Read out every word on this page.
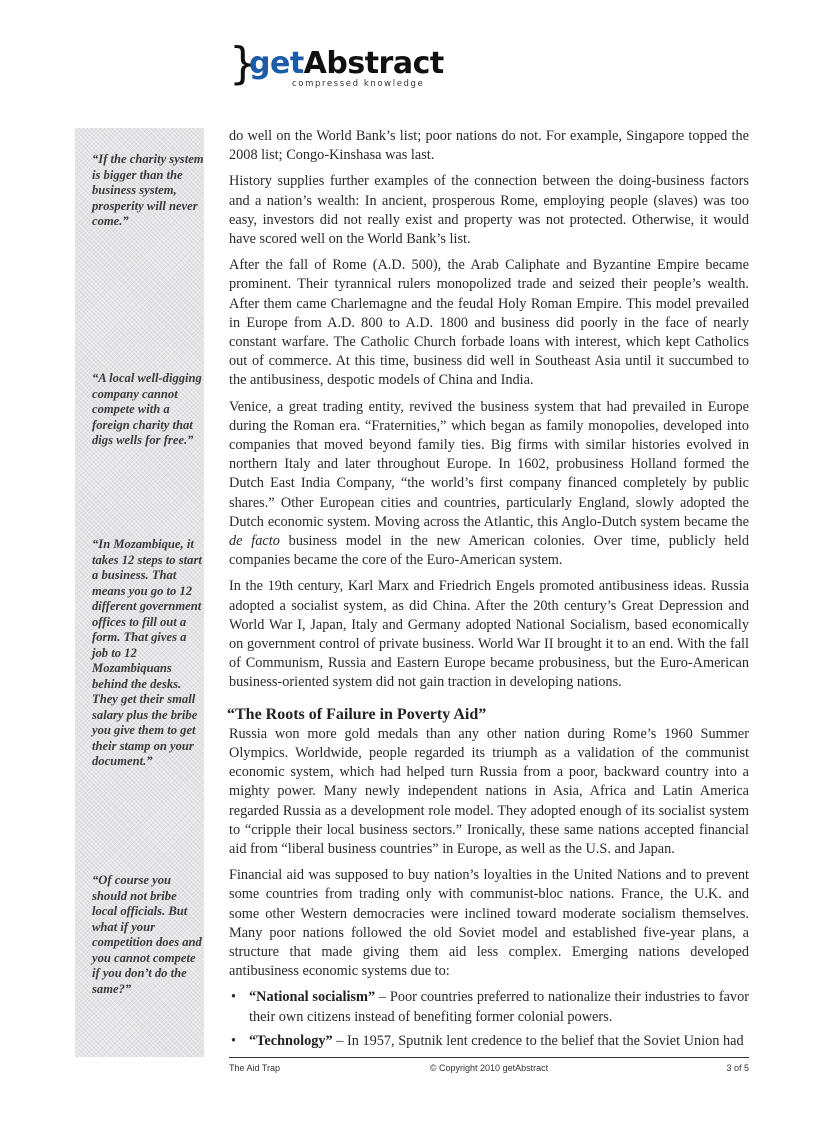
}
getAbstract
compressed knowledge
“If the charity system is bigger than the business system, prosperity will never come.”
“A local well-digging company cannot compete with a foreign charity that digs wells for free.”
“In Mozambique, it takes 12 steps to start a business. That means you go to 12 different government offices to fill out a form. That gives a job to 12 Mozambiquans behind the desks. They get their small salary plus the bribe you give them to get their stamp on your document.”
“Of course you should not bribe local officials. But what if your competition does and you cannot compete if you don’t do the same?”

do well on the World Bank’s list; poor nations do not. For example, Singapore topped the 2008 list; Congo-Kinshasa was last.

History supplies further examples of the connection between the doing-business factors and a nation’s wealth: In ancient, prosperous Rome, employing people (slaves) was too easy, investors did not really exist and property was not protected. Otherwise, it would have scored well on the World Bank’s list.

After the fall of Rome (A.D. 500), the Arab Caliphate and Byzantine Empire became prominent. Their tyrannical rulers monopolized trade and seized their people’s wealth. After them came Charlemagne and the feudal Holy Roman Empire. This model prevailed in Europe from A.D. 800 to A.D. 1800 and business did poorly in the face of nearly constant warfare. The Catholic Church forbade loans with interest, which kept Catholics out of commerce. At this time, business did well in Southeast Asia until it succumbed to the antibusiness, despotic models of China and India.

Venice, a great trading entity, revived the business system that had prevailed in Europe during the Roman era. “Fraternities,” which began as family monopolies, developed into companies that moved beyond family ties. Big firms with similar histories evolved in northern Italy and later throughout Europe. In 1602, probusiness Holland formed the Dutch East India Company, “the world’s first company financed completely by public shares.” Other European cities and countries, particularly England, slowly adopted the Dutch economic system. Moving across the Atlantic, this Anglo-Dutch system became the de facto business model in the new American colonies. Over time, publicly held companies became the core of the Euro-American system.

In the 19th century, Karl Marx and Friedrich Engels promoted antibusiness ideas. Russia adopted a socialist system, as did China. After the 20th century’s Great Depression and World War I, Japan, Italy and Germany adopted National Socialism, based economically on government control of private business. World War II brought it to an end. With the fall of Communism, Russia and Eastern Europe became probusiness, but the Euro-American business-oriented system did not gain traction in developing nations.

“The Roots of Failure in Poverty Aid”

Russia won more gold medals than any other nation during Rome’s 1960 Summer Olympics. Worldwide, people regarded its triumph as a validation of the communist economic system, which had helped turn Russia from a poor, backward country into a mighty power. Many newly independent nations in Asia, Africa and Latin America regarded Russia as a development role model. They adopted enough of its socialist system to “cripple their local business sectors.” Ironically, these same nations accepted financial aid from “liberal business countries” in Europe, as well as the U.S. and Japan.

Financial aid was supposed to buy nation’s loyalties in the United Nations and to prevent some countries from trading only with communist-bloc nations. France, the U.K. and some other Western democracies were inclined toward moderate socialism themselves. Many poor nations followed the old Soviet model and established five-year plans, a structure that made giving them aid less complex. Emerging nations developed antibusiness economic systems due to:

• “National socialism” – Poor countries preferred to nationalize their industries to favor their own citizens instead of benefiting former colonial powers.
• “Technology” – In 1957, Sputnik lent credence to the belief that the Soviet Union had
The Aid Trap	© Copyright 2010 getAbstract	3 of 5
